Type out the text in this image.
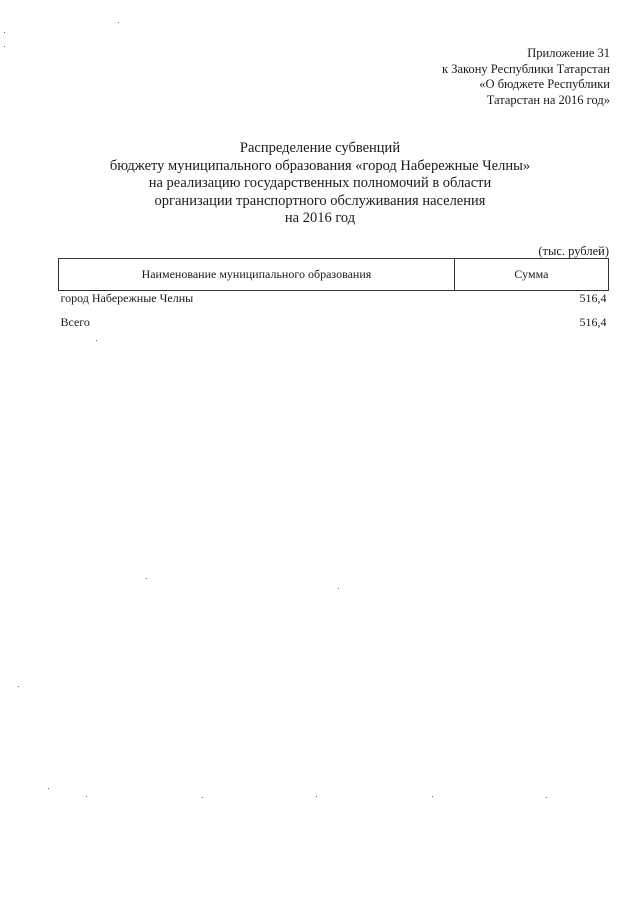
Приложение 31
к Закону Республики Татарстан
«О бюджете Республики
Татарстан на 2016 год»
Распределение субвенций
бюджету муниципального образования «город Набережные Челны»
на реализацию государственных полномочий в области
организации транспортного обслуживания населения
на 2016 год
(тыс. рублей)
Наименование муниципального образования	Сумма
город Набережные Челны	516,4
Всего	516,4
